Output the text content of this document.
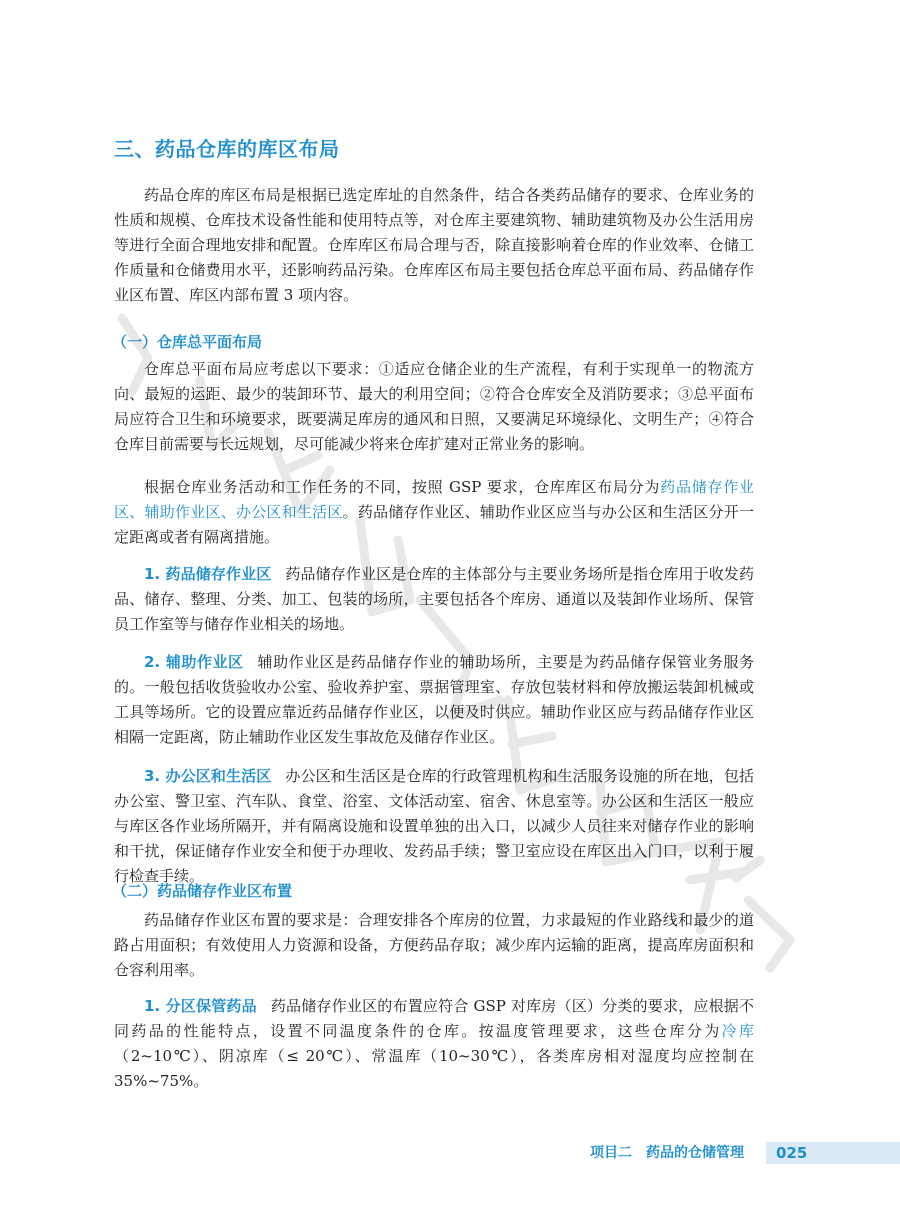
三、药品仓库的库区布局

药品仓库的库区布局是根据已选定库址的自然条件，结合各类药品储存的要求、仓库业务的性质和规模、仓库技术设备性能和使用特点等，对仓库主要建筑物、辅助建筑物及办公生活用房等进行全面合理地安排和配置。仓库库区布局合理与否，除直接影响着仓库的作业效率、仓储工作质量和仓储费用水平，还影响药品污染。仓库库区布局主要包括仓库总平面布局、药品储存作业区布置、库区内部布置 3 项内容。

（一）仓库总平面布局

仓库总平面布局应考虑以下要求：①适应仓储企业的生产流程，有利于实现单一的物流方向、最短的运距、最少的装卸环节、最大的利用空间；②符合仓库安全及消防要求；③总平面布局应符合卫生和环境要求，既要满足库房的通风和日照，又要满足环境绿化、文明生产；④符合仓库目前需要与长远规划，尽可能减少将来仓库扩建对正常业务的影响。

根据仓库业务活动和工作任务的不同，按照 GSP 要求，仓库库区布局分为药品储存作业区、辅助作业区、办公区和生活区。药品储存作业区、辅助作业区应当与办公区和生活区分开一定距离或者有隔离措施。

1. 药品储存作业区 药品储存作业区是仓库的主体部分与主要业务场所是指仓库用于收发药品、储存、整理、分类、加工、包装的场所，主要包括各个库房、通道以及装卸作业场所、保管员工作室等与储存作业相关的场地。

2. 辅助作业区 辅助作业区是药品储存作业的辅助场所，主要是为药品储存保管业务服务的。一般包括收货验收办公室、验收养护室、票据管理室、存放包装材料和停放搬运装卸机械或工具等场所。它的设置应靠近药品储存作业区，以便及时供应。辅助作业区应与药品储存作业区相隔一定距离，防止辅助作业区发生事故危及储存作业区。

3. 办公区和生活区 办公区和生活区是仓库的行政管理机构和生活服务设施的所在地，包括办公室、警卫室、汽车队、食堂、浴室、文体活动室、宿舍、休息室等。办公区和生活区一般应与库区各作业场所隔开，并有隔离设施和设置单独的出入口，以减少人员往来对储存作业的影响和干扰，保证储存作业安全和便于办理收、发药品手续；警卫室应设在库区出入门口，以利于履行检查手续。

（二）药品储存作业区布置

药品储存作业区布置的要求是：合理安排各个库房的位置，力求最短的作业路线和最少的道路占用面积；有效使用人力资源和设备，方便药品存取；减少库内运输的距离，提高库房面积和仓容利用率。

1. 分区保管药品 药品储存作业区的布置应符合 GSP 对库房（区）分类的要求，应根据不同药品的性能特点，设置不同温度条件的仓库。按温度管理要求，这些仓库分为冷库（2~10℃）、阴凉库（≤ 20℃）、常温库（10~30℃），各类库房相对湿度均应控制在 35%~75%。

项目二　药品的仓储管理 025
